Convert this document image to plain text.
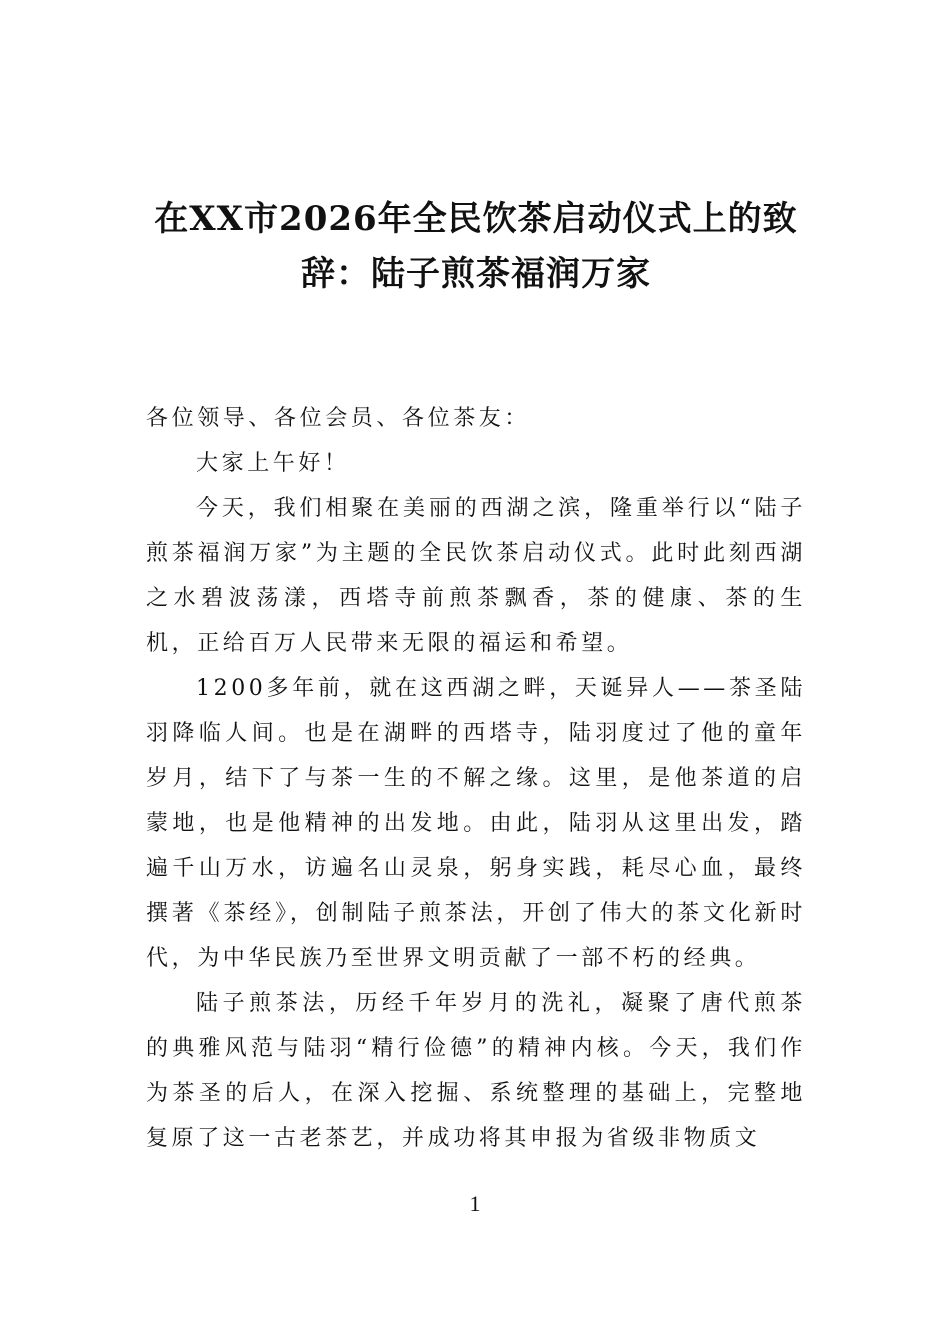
在XX市2026年全民饮茶启动仪式上的致辞：陆子煎茶福润万家

各位领导、各位会员、各位茶友：

大家上午好！

今天，我们相聚在美丽的西湖之滨，隆重举行以“陆子煎茶福润万家”为主题的全民饮茶启动仪式。此时此刻西湖之水碧波荡漾，西塔寺前煎茶飘香，茶的健康、茶的生机，正给百万人民带来无限的福运和希望。

1200多年前，就在这西湖之畔，天诞异人——茶圣陆羽降临人间。也是在湖畔的西塔寺，陆羽度过了他的童年岁月，结下了与茶一生的不解之缘。这里，是他茶道的启蒙地，也是他精神的出发地。由此，陆羽从这里出发，踏遍千山万水，访遍名山灵泉，躬身实践，耗尽心血，最终撰著《茶经》，创制陆子煎茶法，开创了伟大的茶文化新时代，为中华民族乃至世界文明贡献了一部不朽的经典。

陆子煎茶法，历经千年岁月的洗礼，凝聚了唐代煎茶的典雅风范与陆羽“精行俭德”的精神内核。今天，我们作为茶圣的后人，在深入挖掘、系统整理的基础上，完整地复原了这一古老茶艺，并成功将其申报为省级非物质文

1
